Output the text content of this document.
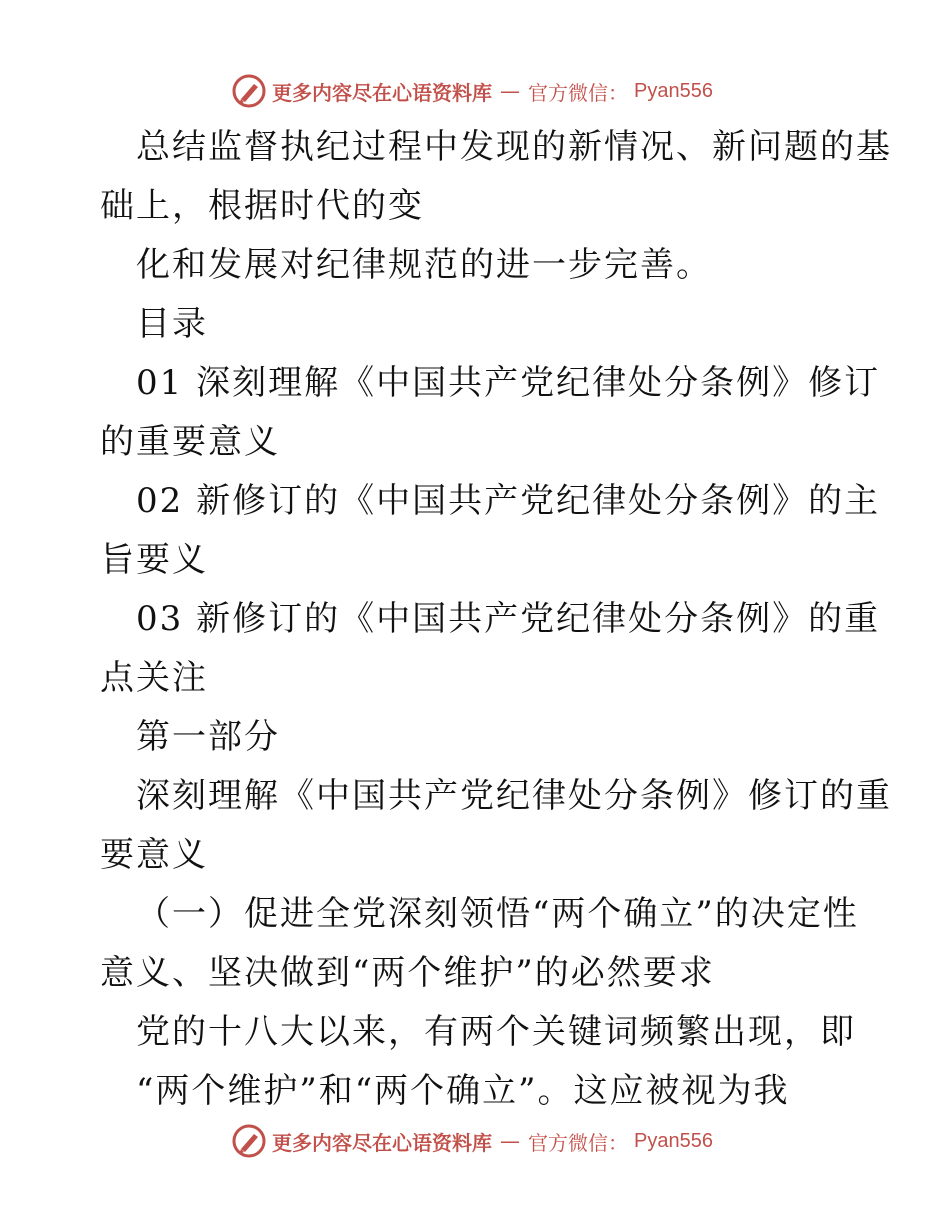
更多内容尽在心语资料库 — 官方微信： Pyan556
总结监督执纪过程中发现的新情况、新问题的基
础上，根据时代的变
化和发展对纪律规范的进一步完善。
目录
01 深刻理解《中国共产党纪律处分条例》修订
的重要意义
02 新修订的《中国共产党纪律处分条例》的主
旨要义
03 新修订的《中国共产党纪律处分条例》的重
点关注
第一部分
深刻理解《中国共产党纪律处分条例》修订的重
要意义
（一）促进全党深刻领悟“两个确立”的决定性
意义、坚决做到“两个维护”的必然要求
党的十八大以来，有两个关键词频繁出现，即
“两个维护”和“两个确立”。这应被视为我
更多内容尽在心语资料库 — 官方微信： Pyan556
